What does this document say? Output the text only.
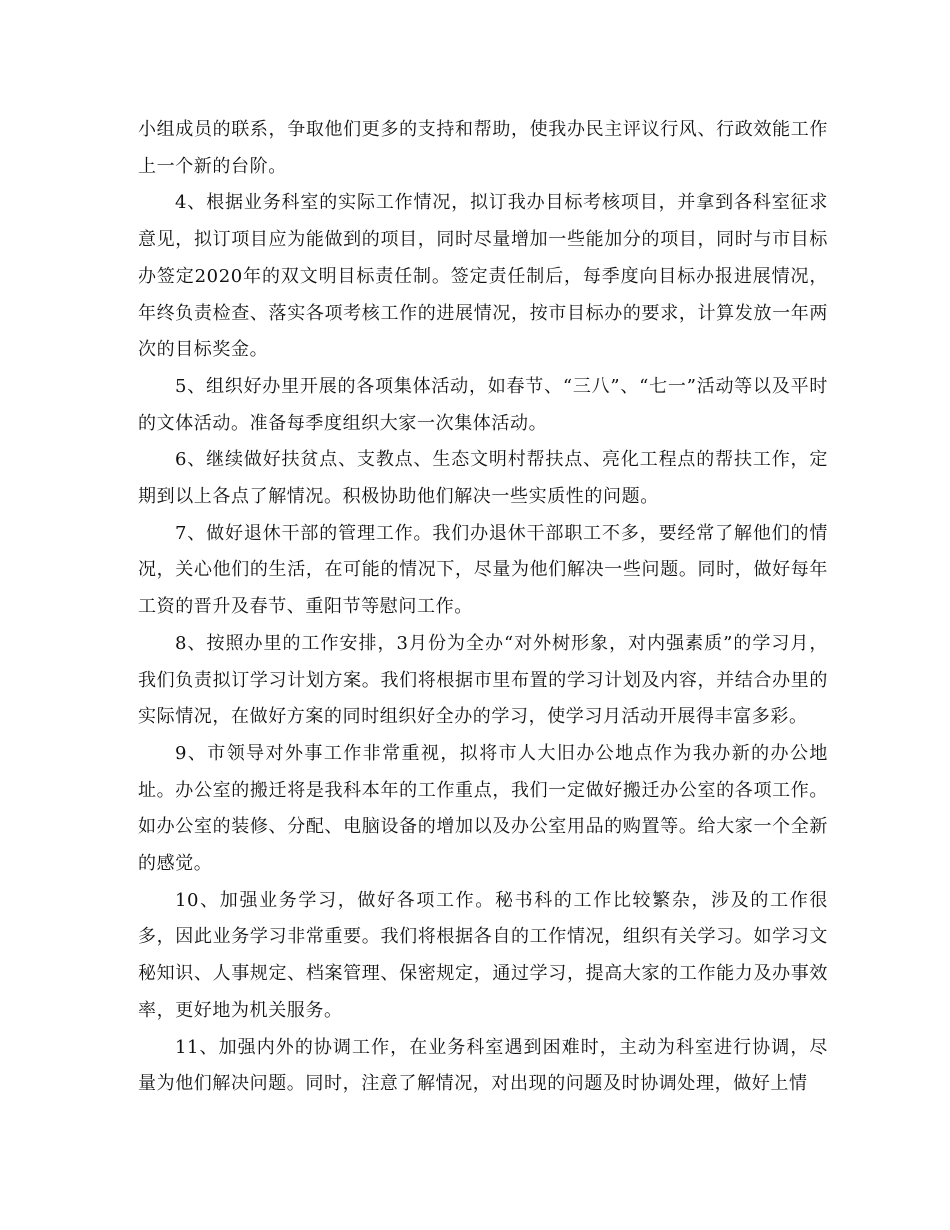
小组成员的联系，争取他们更多的支持和帮助，使我办民主评议行风、行政效能工作上一个新的台阶。

4、根据业务科室的实际工作情况，拟订我办目标考核项目，并拿到各科室征求意见，拟订项目应为能做到的项目，同时尽量增加一些能加分的项目，同时与市目标办签定2020年的双文明目标责任制。签定责任制后，每季度向目标办报进展情况，年终负责检查、落实各项考核工作的进展情况，按市目标办的要求，计算发放一年两次的目标奖金。

5、组织好办里开展的各项集体活动，如春节、“三八”、“七一”活动等以及平时的文体活动。准备每季度组织大家一次集体活动。

6、继续做好扶贫点、支教点、生态文明村帮扶点、亮化工程点的帮扶工作，定期到以上各点了解情况。积极协助他们解决一些实质性的问题。

7、做好退休干部的管理工作。我们办退休干部职工不多，要经常了解他们的情况，关心他们的生活，在可能的情况下，尽量为他们解决一些问题。同时，做好每年工资的晋升及春节、重阳节等慰问工作。

8、按照办里的工作安排，3月份为全办“对外树形象，对内强素质”的学习月，我们负责拟订学习计划方案。我们将根据市里布置的学习计划及内容，并结合办里的实际情况，在做好方案的同时组织好全办的学习，使学习月活动开展得丰富多彩。

9、市领导对外事工作非常重视，拟将市人大旧办公地点作为我办新的办公地址。办公室的搬迁将是我科本年的工作重点，我们一定做好搬迁办公室的各项工作。如办公室的装修、分配、电脑设备的增加以及办公室用品的购置等。给大家一个全新的感觉。

10、加强业务学习，做好各项工作。秘书科的工作比较繁杂，涉及的工作很多，因此业务学习非常重要。我们将根据各自的工作情况，组织有关学习。如学习文秘知识、人事规定、档案管理、保密规定，通过学习，提高大家的工作能力及办事效率，更好地为机关服务。

11、加强内外的协调工作，在业务科室遇到困难时，主动为科室进行协调，尽量为他们解决问题。同时，注意了解情况，对出现的问题及时协调处理，做好上情
